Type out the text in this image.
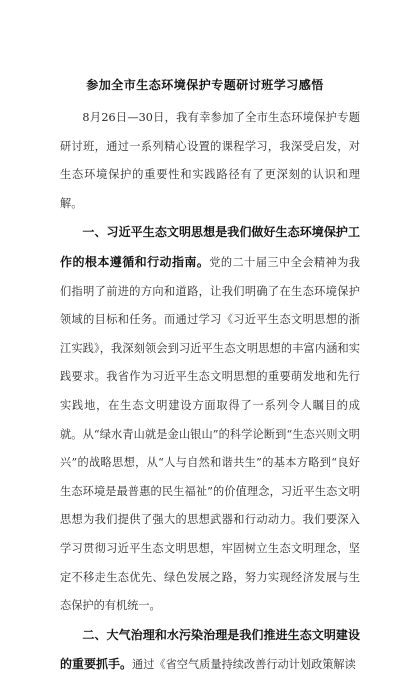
参加全市生态环境保护专题研讨班学习感悟

8月26日—30日，我有幸参加了全市生态环境保护专题研讨班，通过一系列精心设置的课程学习，我深受启发，对生态环境保护的重要性和实践路径有了更深刻的认识和理解。

一、习近平生态文明思想是我们做好生态环境保护工作的根本遵循和行动指南。党的二十届三中全会精神为我们指明了前进的方向和道路，让我们明确了在生态环境保护领域的目标和任务。而通过学习《习近平生态文明思想的浙江实践》，我深刻领会到习近平生态文明思想的丰富内涵和实践要求。我省作为习近平生态文明思想的重要萌发地和先行实践地，在生态文明建设方面取得了一系列令人瞩目的成就。从“绿水青山就是金山银山”的科学论断到“生态兴则文明兴”的战略思想，从“人与自然和谐共生”的基本方略到“良好生态环境是最普惠的民生福祉”的价值理念，习近平生态文明思想为我们提供了强大的思想武器和行动动力。我们要深入学习贯彻习近平生态文明思想，牢固树立生态文明理念，坚定不移走生态优先、绿色发展之路，努力实现经济发展与生态保护的有机统一。

二、大气治理和水污染治理是我们推进生态文明建设的重要抓手。通过《省空气质量持续改善行动计划政策解读
